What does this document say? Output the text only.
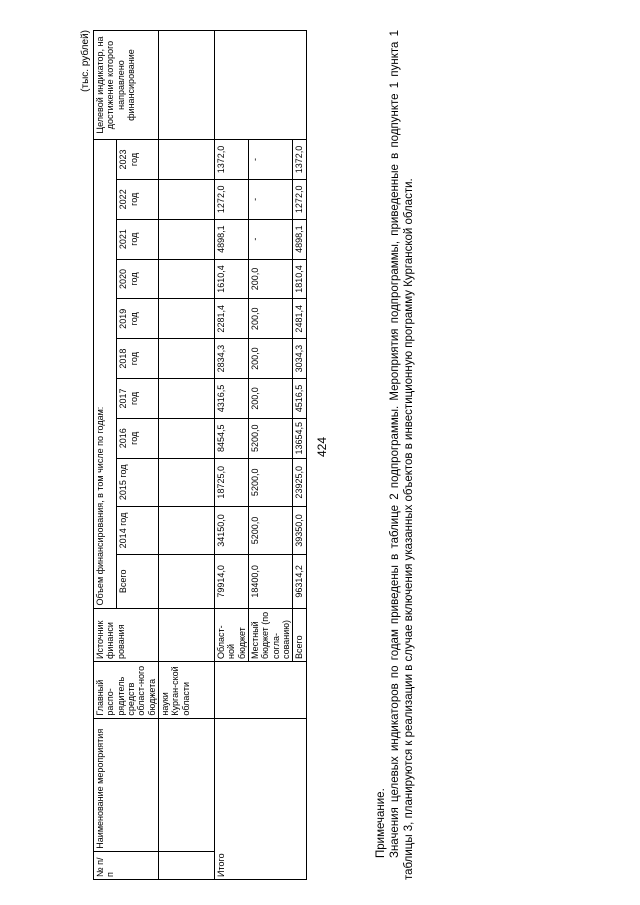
424
(тыс. рублей)
№ п/п	Наименование мероприятия	Главный распо-рядитель средств област-ного бюджета	Источник финанси рования	Объем финансирования, в том числе по годам:											Целевой индикатор, на достижение которого направлено финансирование
				Всего	2014 год	2015 год	2016 год	2017 год	2018 год	2019 год	2020 год	2021 год	2022 год	2023 год	
		науки Курган-ской области													
Итого			Област-ной бюджет	79914,0	34150,0	18725,0	8454,5	4316,5	2834,3	2281,4	1610,4	4898,1	1272,0	1372,0	
			Местный бюджет (по согла-сованию)	18400,0	5200,0	5200,0	5200,0	200,0	200,0	200,0	200,0	-	-	-	
			Всего	96314,2	39350,0	23925,0	13654,5	4516,5	3034,3	2481,4	1810,4	4898,1	1272,0	1372,0	

Примечание. Значения целевых индикаторов по годам приведены в таблице 2 подпрограммы. Мероприятия подпрограммы, приведенные в подпункте 1 пункта 1 таблицы 3, планируются к реализации в случае включения указанных объектов в инвестиционную программу Курганской области.
